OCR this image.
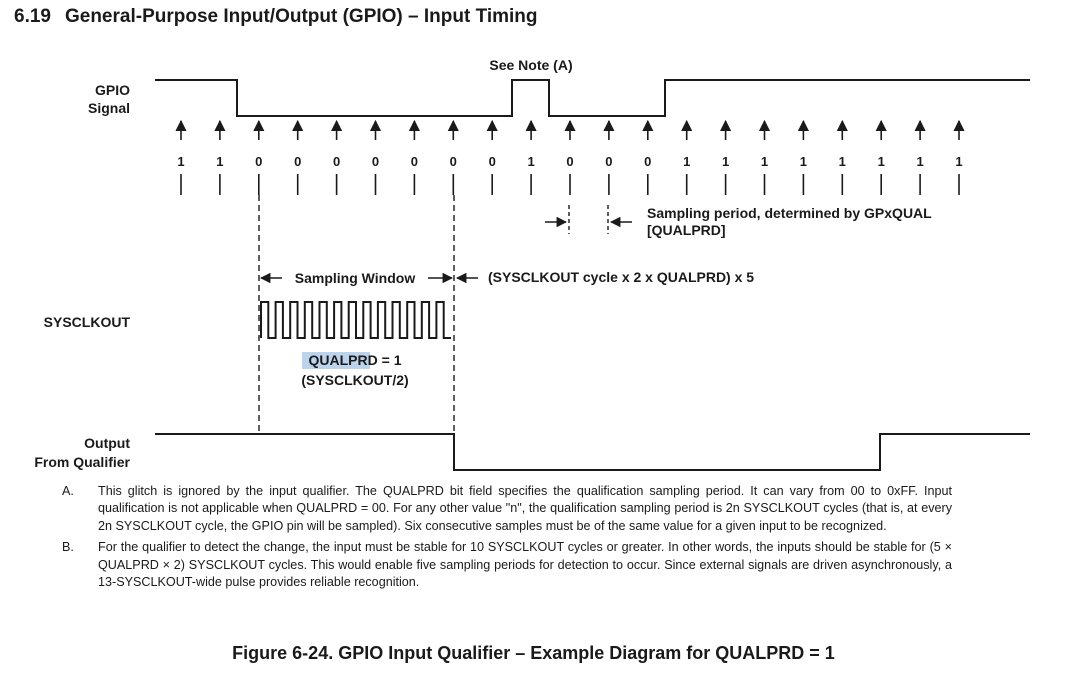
6.19 General-Purpose Input/Output (GPIO) – Input Timing
GPIO
Signal
See Note (A)
1 1 0 0 0 0 0 0 0 1 0 0 0 1 1 1 1 1 1 1 1
Sampling period, determined by GPxQUAL
[QUALPRD]
Sampling Window	(SYSCLKOUT cycle x 2 x QUALPRD) x 5
SYSCLKOUT
QUALPRD = 1
(SYSCLKOUT/2)
Output
From Qualifier
A.	This glitch is ignored by the input qualifier. The QUALPRD bit field specifies the qualification sampling period. It can vary from 00 to 0xFF. Input qualification is not applicable when QUALPRD = 00. For any other value "n", the qualification sampling period is 2n SYSCLKOUT cycles (that is, at every 2n SYSCLKOUT cycle, the GPIO pin will be sampled). Six consecutive samples must be of the same value for a given input to be recognized.
B.	For the qualifier to detect the change, the input must be stable for 10 SYSCLKOUT cycles or greater. In other words, the inputs should be stable for (5 × QUALPRD × 2) SYSCLKOUT cycles. This would enable five sampling periods for detection to occur. Since external signals are driven asynchronously, a 13-SYSCLKOUT-wide pulse provides reliable recognition.
Figure 6-24. GPIO Input Qualifier – Example Diagram for QUALPRD = 1
